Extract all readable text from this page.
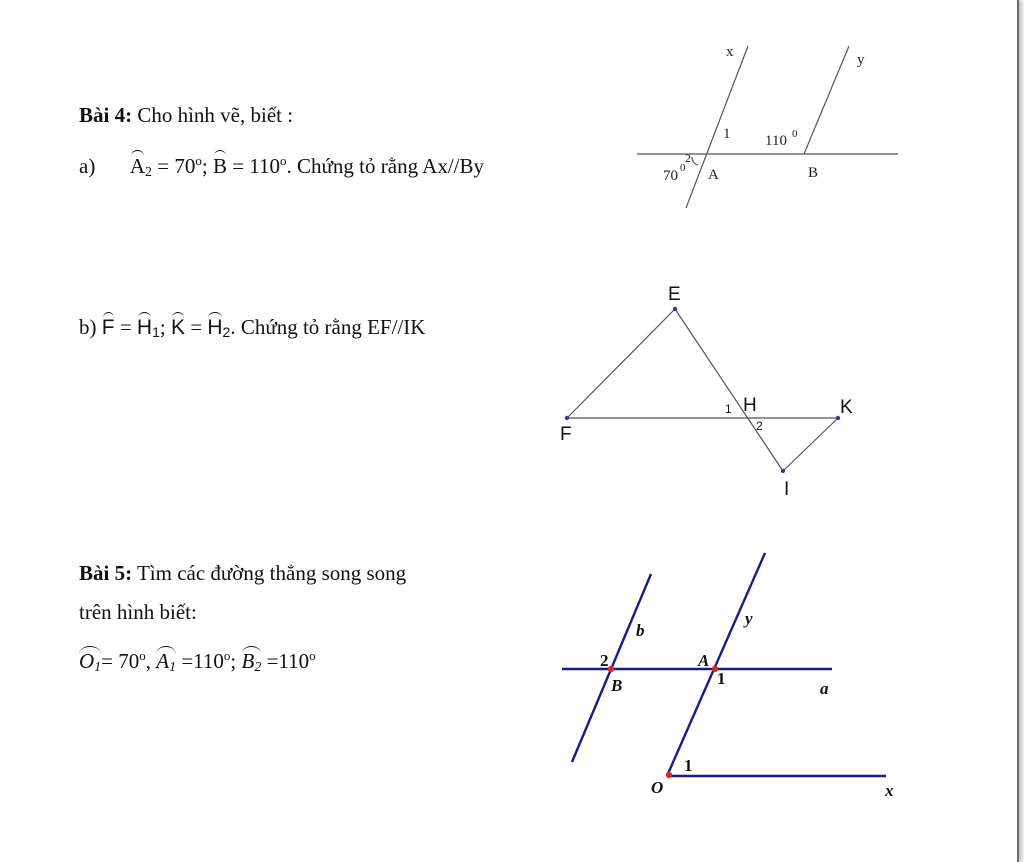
Bài 4: Cho hình vẽ, biết :
a) $A_2 = 70^o$; $B = 110^o$. Chứng tỏ rằng Ax//By
b) $F = H_1$; $K = H_2$. Chứng tỏ rằng EF//IK
Bài 5: Tìm các đường thẳng song song
trên hình biết:
$O_1= 70^o$, $A_1 =110^o$; $B_2 =110^o$
x	y
1 110 0
2
70 0 A	B
E
H
1
2
K
F
I
b
y
2	A
B	1
a
1
O	x
